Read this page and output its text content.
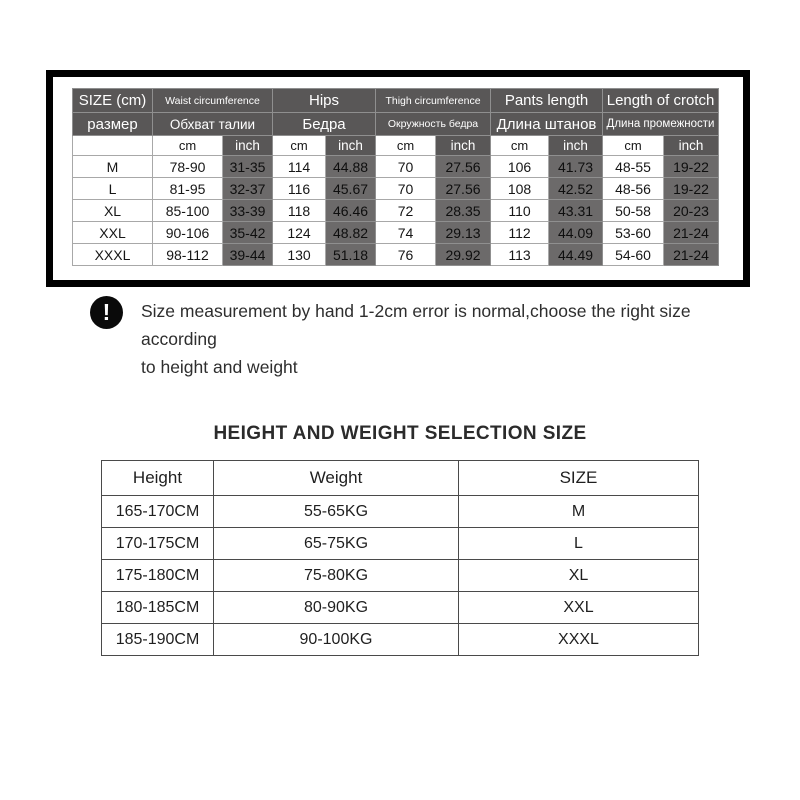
SIZE (cm)	Waist circumference		Hips		Thigh circumference		Pants length		Length of crotch	
размер	Обхват талии		Бедра		Окружность бедра		Длина штанов		Длина промежности	
	cm	inch	cm	inch	cm	inch	cm	inch	cm	inch
M	78-90	31-35	114	44.88	70	27.56	106	41.73	48-55	19-22
L	81-95	32-37	116	45.67	70	27.56	108	42.52	48-56	19-22
XL	85-100	33-39	118	46.46	72	28.35	110	43.31	50-58	20-23
XXL	90-106	35-42	124	48.82	74	29.13	112	44.09	53-60	21-24
XXXL	98-112	39-44	130	51.18	76	29.92	113	44.49	54-60	21-24
!	Size measurement by hand 1-2cm error is normal,choose the right size according
to height and weight
HEIGHT AND WEIGHT SELECTION SIZE
Height	Weight	SIZE
165-170CM	55-65KG	M
170-175CM	65-75KG	L
175-180CM	75-80KG	XL
180-185CM	80-90KG	XXL
185-190CM	90-100KG	XXXL
